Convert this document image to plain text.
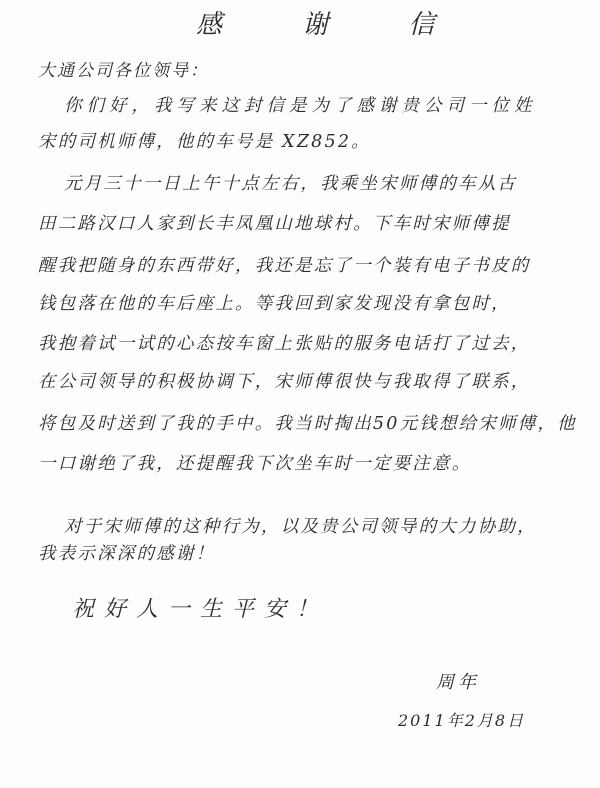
感 谢 信
大通公司各位领导：
你们好，我写来这封信是为了感谢贵公司一位姓
宋的司机师傅，他的车号是 XZ852。
元月三十一日上午十点左右，我乘坐宋师傅的车从古
田二路汉口人家到长丰凤凰山地球村。下车时宋师傅提
醒我把随身的东西带好，我还是忘了一个装有电子书皮的
钱包落在他的车后座上。等我回到家发现没有拿包时，
我抱着试一试的心态按车窗上张贴的服务电话打了过去，
在公司领导的积极协调下，宋师傅很快与我取得了联系，
将包及时送到了我的手中。我当时掏出50元钱想给宋师傅，他
一口谢绝了我，还提醒我下次坐车时一定要注意。
对于宋师傅的这种行为，以及贵公司领导的大力协助，
我表示深深的感谢！
祝好人一生平安！
周年
2011年2月8日
